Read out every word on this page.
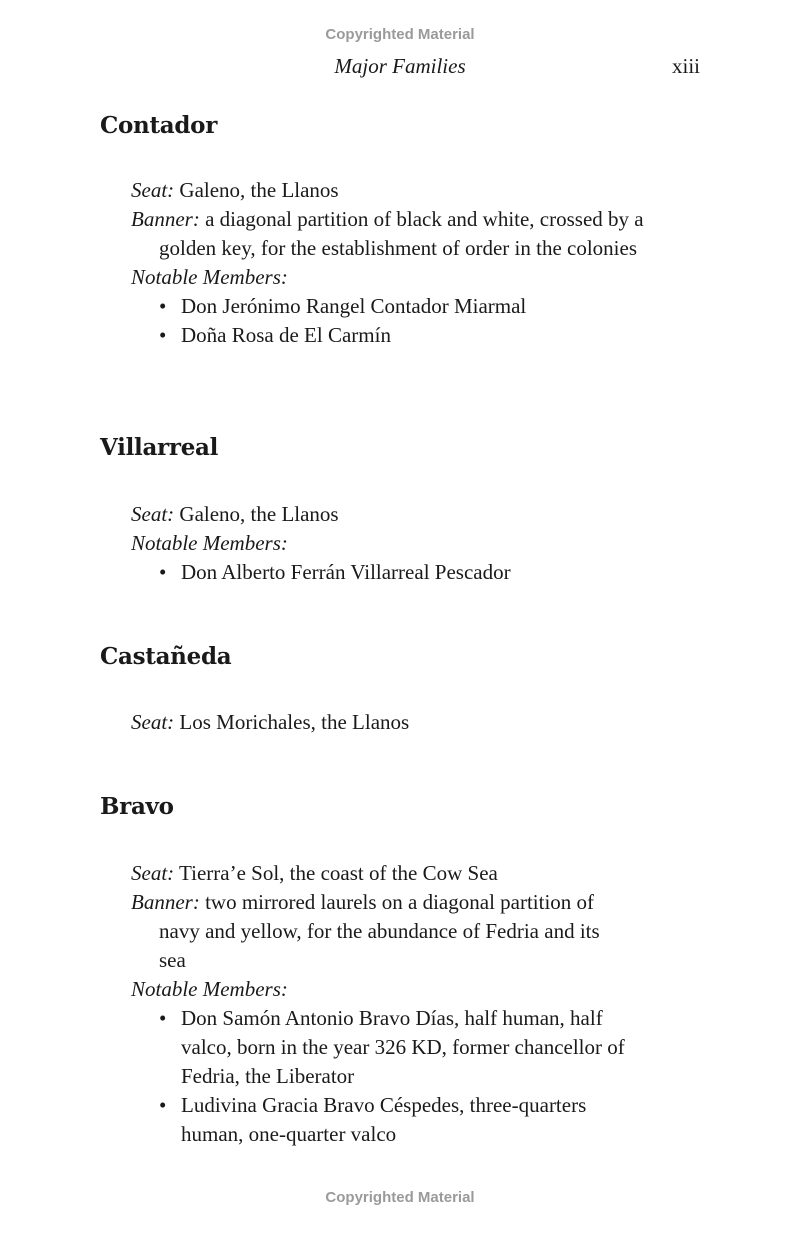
Copyrighted Material
Major Families	xiii
Contador

Seat: Galeno, the Llanos

Banner: a diagonal partition of black and white, crossed by a golden key, for the establishment of order in the colonies

Notable Members:

• Don Jerónimo Rangel Contador Miarmal
• Doña Rosa de El Carmín
Villarreal

Seat: Galeno, the Llanos

Notable Members:

• Don Alberto Ferrán Villarreal Pescador
Castañeda

Seat: Los Morichales, the Llanos

Bravo

Seat: Tierra’e Sol, the coast of the Cow Sea

Banner: two mirrored laurels on a diagonal partition of navy and yellow, for the abundance of Fedria and its sea

Notable Members:

• Don Samón Antonio Bravo Días, half human, half valco, born in the year 326 KD, former chancellor of Fedria, the Liberator
• Ludivina Gracia Bravo Céspedes, three-quarters human, one-quarter valco
Copyrighted Material
